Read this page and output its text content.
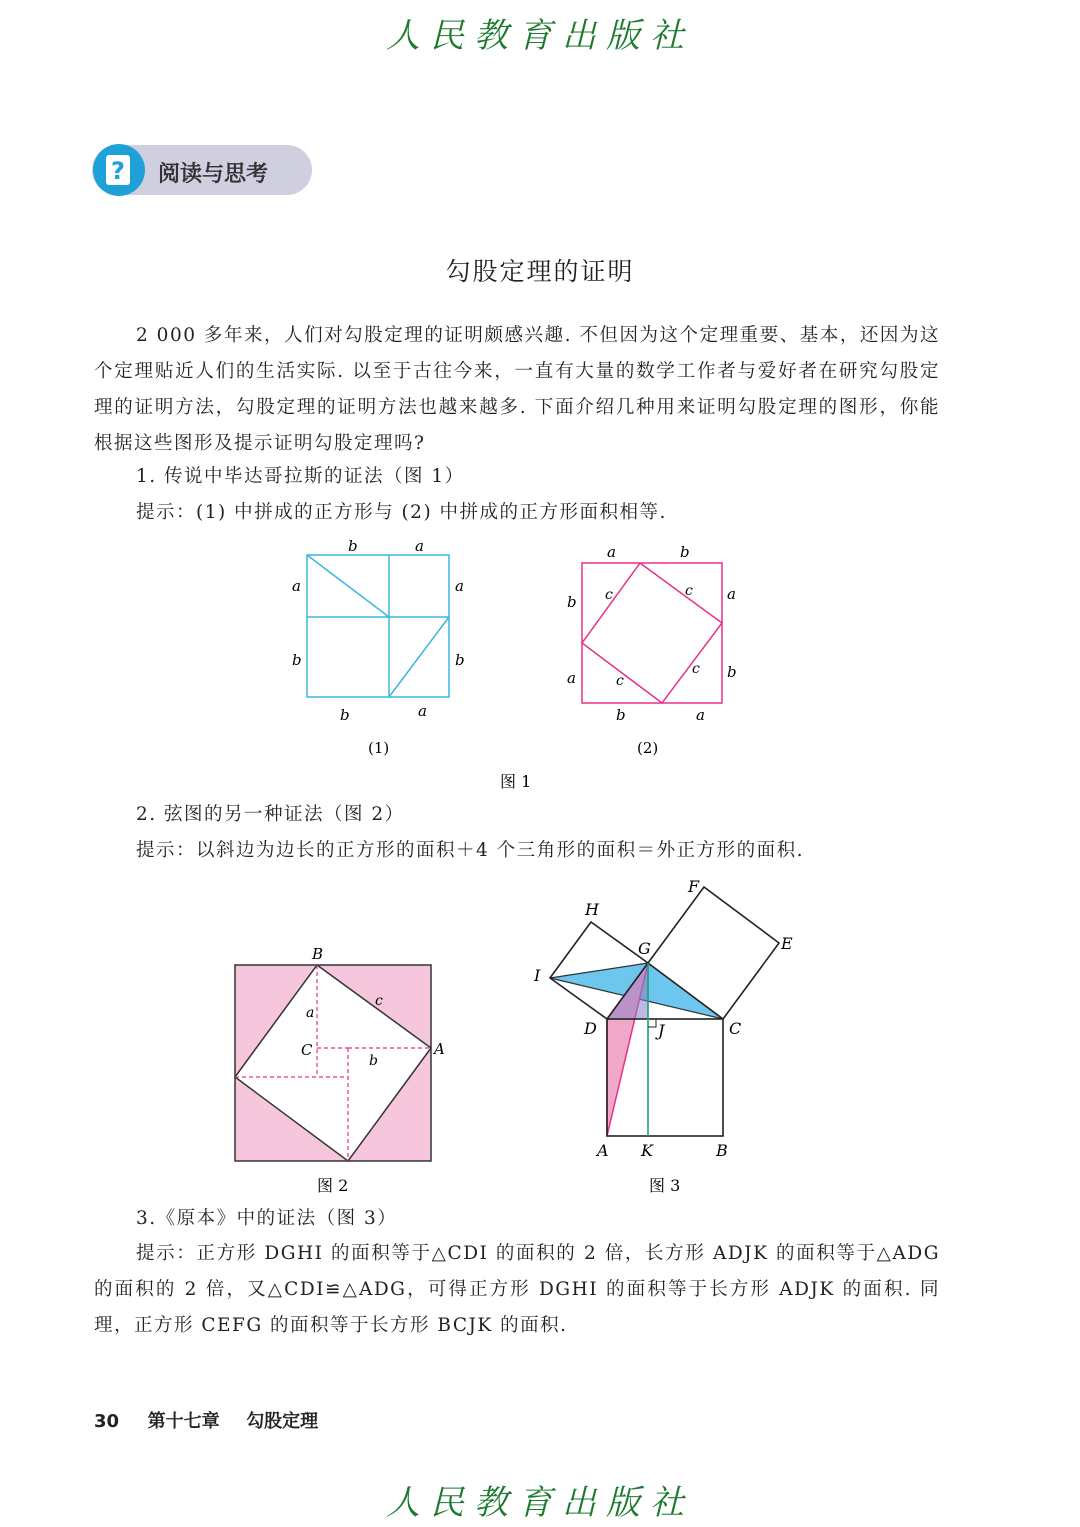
人民教育出版社
? 阅读与思考
勾股定理的证明
2 000 多年来，人们对勾股定理的证明颇感兴趣. 不但因为这个定理重要、基本，还因为这个定理贴近人们的生活实际. 以至于古往今来，一直有大量的数学工作者与爱好者在研究勾股定理的证明方法，勾股定理的证明方法也越来越多. 下面介绍几种用来证明勾股定理的图形，你能根据这些图形及提示证明勾股定理吗?
1. 传说中毕达哥拉斯的证法（图 1）
提示：(1) 中拼成的正方形与 (2) 中拼成的正方形面积相等.
b	a
a	a
b	b
b	a
(1)
a	b
b	a
a	b
b	a
c	c
c
c
(2)
图 1
2. 弦图的另一种证法（图 2）
提示：以斜边为边长的正方形的面积＋4 个三角形的面积＝外正方形的面积.
B
C	A
a
b
c
图 2
H
F
G	E
I
D	J	C
A K	B
图 3
3.《原本》中的证法（图 3）
提示：正方形 DGHI 的面积等于△CDI 的面积的 2 倍，长方形 ADJK 的面积等于△ADG 的面积的 2 倍，又△CDI≌△ADG，可得正方形 DGHI 的面积等于长方形 ADJK 的面积. 同理，正方形 CEFG 的面积等于长方形 BCJK 的面积.
30 第十七章 勾股定理
人民教育出版社
